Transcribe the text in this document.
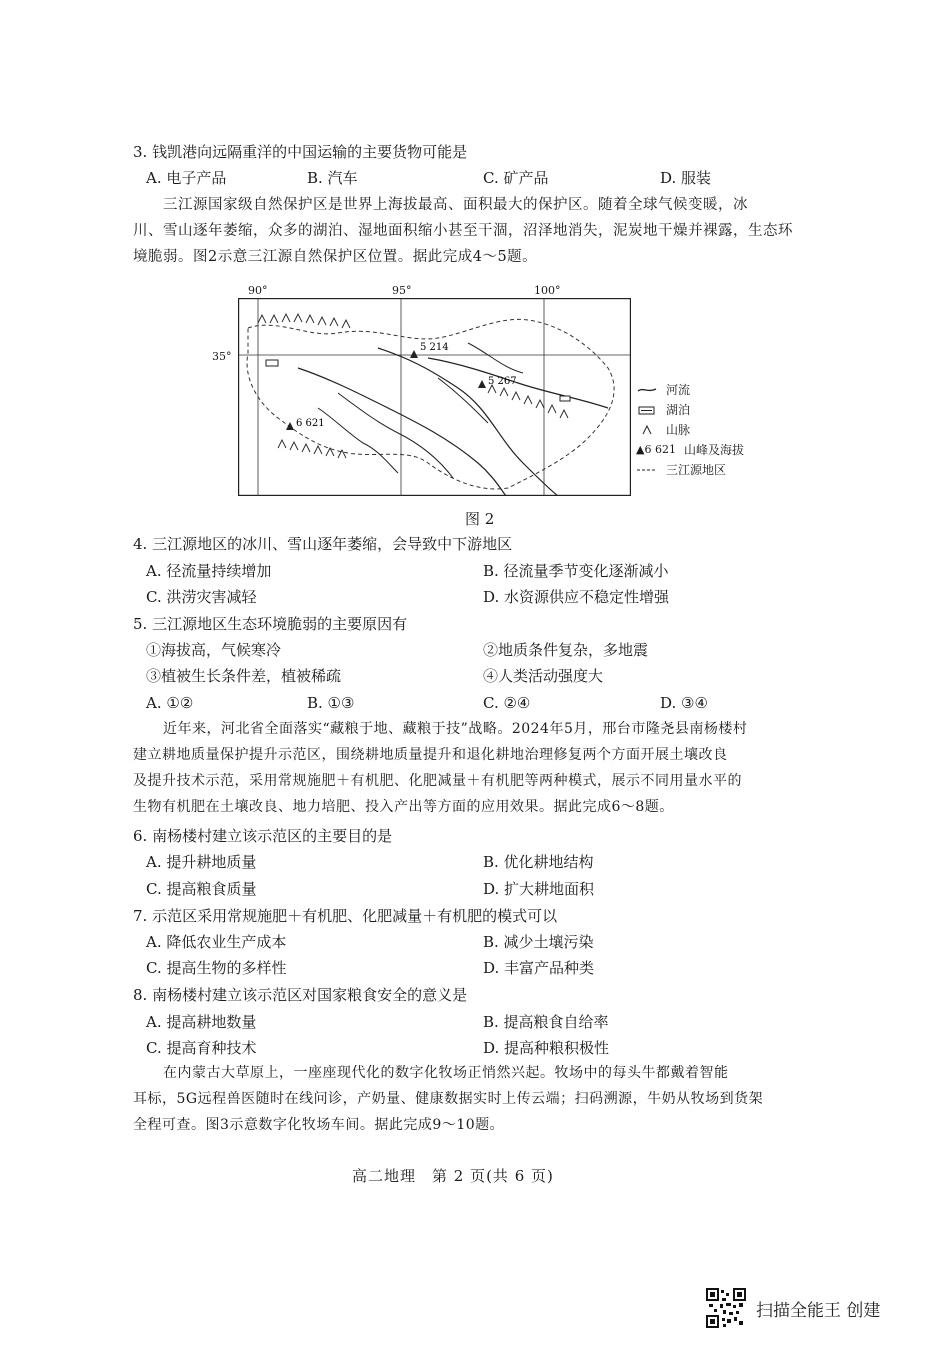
3. 钱凯港向远隔重洋的中国运输的主要货物可能是
A. 电子产品	B. 汽车	C. 矿产品	D. 服装
三江源国家级自然保护区是世界上海拔最高、面积最大的保护区。随着全球气候变暖，冰
川、雪山逐年萎缩，众多的湖泊、湿地面积缩小甚至干涸，沼泽地消失，泥炭地干燥并裸露，生态环
境脆弱。图2示意三江源自然保护区位置。据此完成4～5题。
5 214
5 267
6 621
90°	95°	100°
35°
河流
湖泊
山脉
▲6 621 山峰及海拔
三江源地区
图 2
4. 三江源地区的冰川、雪山逐年萎缩，会导致中下游地区
A. 径流量持续增加	B. 径流量季节变化逐渐减小
C. 洪涝灾害减轻	D. 水资源供应不稳定性增强
5. 三江源地区生态环境脆弱的主要原因有
①海拔高，气候寒冷	②地质条件复杂，多地震
③植被生长条件差，植被稀疏	④人类活动强度大
A. ①②	B. ①③	C. ②④	D. ③④
近年来，河北省全面落实“藏粮于地、藏粮于技”战略。2024年5月，邢台市隆尧县南杨楼村
建立耕地质量保护提升示范区，围绕耕地质量提升和退化耕地治理修复两个方面开展土壤改良
及提升技术示范，采用常规施肥＋有机肥、化肥减量＋有机肥等两种模式，展示不同用量水平的
生物有机肥在土壤改良、地力培肥、投入产出等方面的应用效果。据此完成6～8题。
6. 南杨楼村建立该示范区的主要目的是
A. 提升耕地质量	B. 优化耕地结构
C. 提高粮食质量	D. 扩大耕地面积
7. 示范区采用常规施肥＋有机肥、化肥减量＋有机肥的模式可以
A. 降低农业生产成本	B. 减少土壤污染
C. 提高生物的多样性	D. 丰富产品种类
8. 南杨楼村建立该示范区对国家粮食安全的意义是
A. 提高耕地数量	B. 提高粮食自给率
C. 提高育种技术	D. 提高种粮积极性
在内蒙古大草原上，一座座现代化的数字化牧场正悄然兴起。牧场中的每头牛都戴着智能
耳标，5G远程兽医随时在线问诊，产奶量、健康数据实时上传云端；扫码溯源，牛奶从牧场到货架
全程可查。图3示意数字化牧场车间。据此完成9～10题。
高二地理　第 2 页(共 6 页)
扫描全能王 创建
